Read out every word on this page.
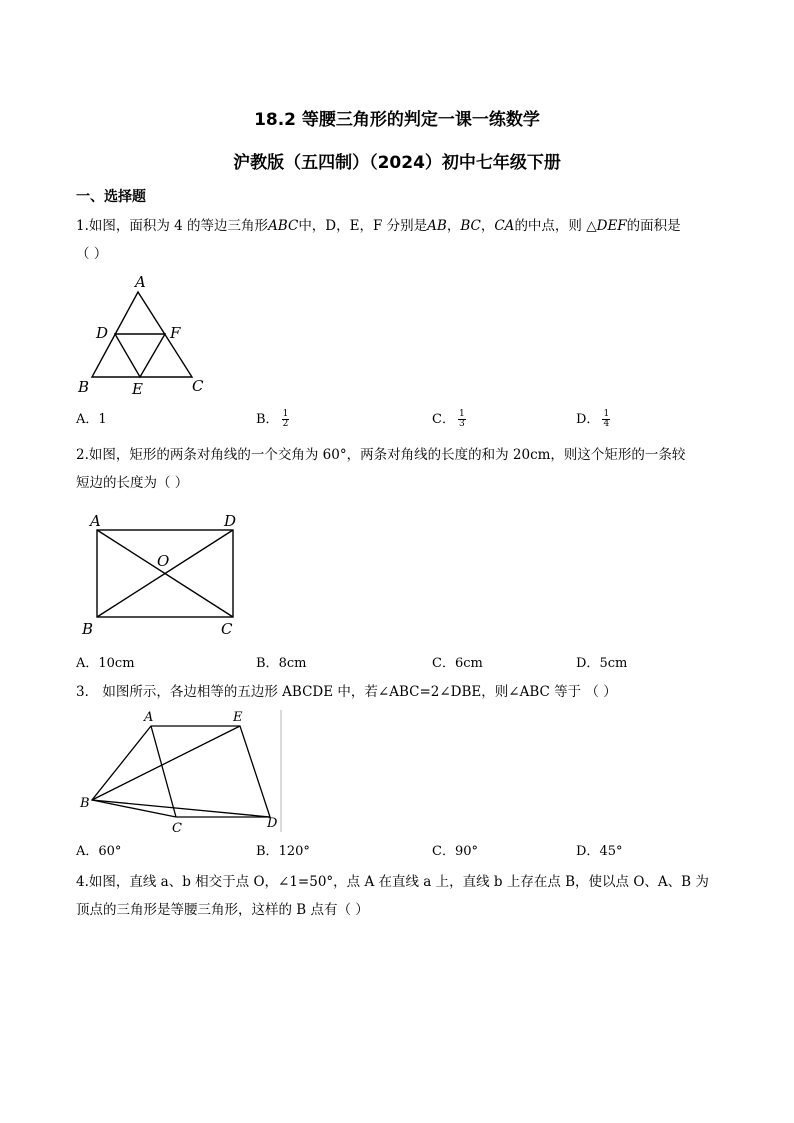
18.2 等腰三角形的判定一课一练数学
沪教版（五四制）（2024）初中七年级下册
一、选择题
1.如图，面积为 4 的等边三角形ABC中，D，E，F 分别是AB，BC，CA的中点，则 △DEF的面积是
（ ）
A
D	F
B	E	C
A．1	B． $\frac{1}{2}$	C． $\frac{1}{3}$	D． $\frac{1}{4}$
2.如图，矩形的两条对角线的一个交角为 60°，两条对角线的长度的和为 20cm，则这个矩形的一条较
短边的长度为（ ）
A	D
O
B	C
A．10cm	B．8cm	C．6cm	D．5cm
3． 如图所示，各边相等的五边形 ABCDE 中，若∠ABC=2∠DBE，则∠ABC 等于 （ ）
A	E
B
C	D
A．60°	B．120°	C．90°	D．45°
4.如图，直线 a、b 相交于点 O，∠1=50°，点 A 在直线 a 上，直线 b 上存在点 B，使以点 O、A、B 为
顶点的三角形是等腰三角形，这样的 B 点有（ ）
